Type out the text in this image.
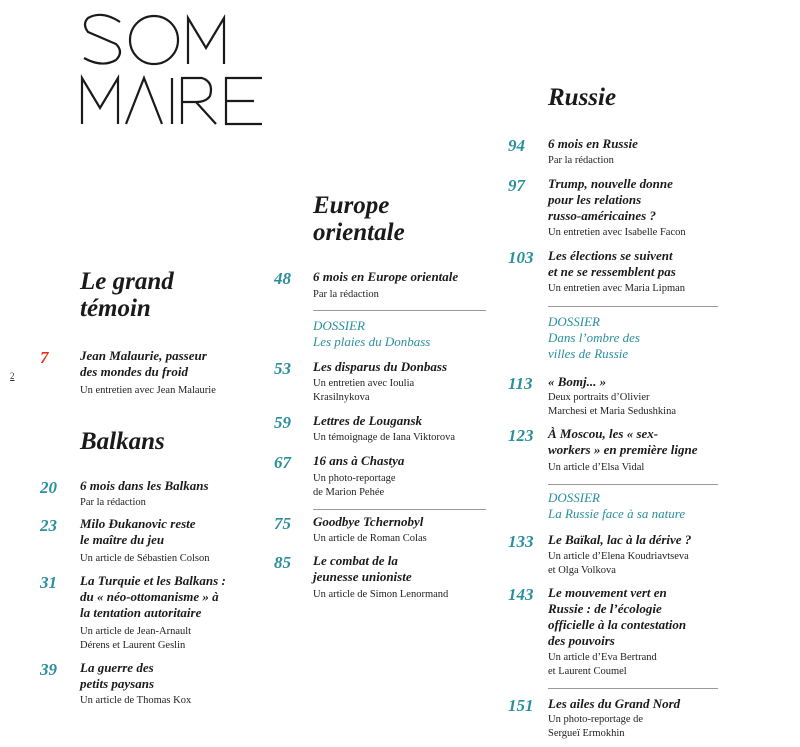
SOMMAIRE
2
Le grand
témoin
7 Jean Malaurie, passeur
des mondes du froid
Un entretien avec Jean Malaurie
Balkans
20 6 mois dans les Balkans
Par la rédaction
23 Milo Đukanovic reste
le maître du jeu
Un article de Sébastien Colson
31 La Turquie et les Balkans :
du « néo-ottomanisme » à
la tentation autoritaire
Un article de Jean-Arnault
Dérens et Laurent Geslin
39 La guerre des
petits paysans
Un article de Thomas Kox
Europe
orientale
48 6 mois en Europe orientale
Par la rédaction
DOSSIER
Les plaies du Donbass
53 Les disparus du Donbass
Un entretien avec Ioulia
Krasilnykova
59 Lettres de Lougansk
Un témoignage de Iana Viktorova
67 16 ans à Chastya
Un photo-reportage
de Marion Pehée
75 Goodbye Tchernobyl
Un article de Roman Colas
85 Le combat de la
jeunesse unioniste
Un article de Simon Lenormand
Russie
94 6 mois en Russie
Par la rédaction
97 Trump, nouvelle donne
pour les relations
russo-américaines ?
Un entretien avec Isabelle Facon
103 Les élections se suivent
et ne se ressemblent pas
Un entretien avec Maria Lipman
DOSSIER
Dans l’ombre des
villes de Russie
113 « Bomj... »
Deux portraits d’Olivier
Marchesi et Maria Sedushkina
123 À Moscou, les « sex-
workers » en première ligne
Un article d’Elsa Vidal
DOSSIER
La Russie face à sa nature
133 Le Baïkal, lac à la dérive ?
Un article d’Elena Koudriavtseva
et Olga Volkova
143 Le mouvement vert en
Russie : de l’écologie
officielle à la contestation
des pouvoirs
Un article d’Eva Bertrand
et Laurent Coumel
151 Les ailes du Grand Nord
Un photo-reportage de
Sergueï Ermokhin
